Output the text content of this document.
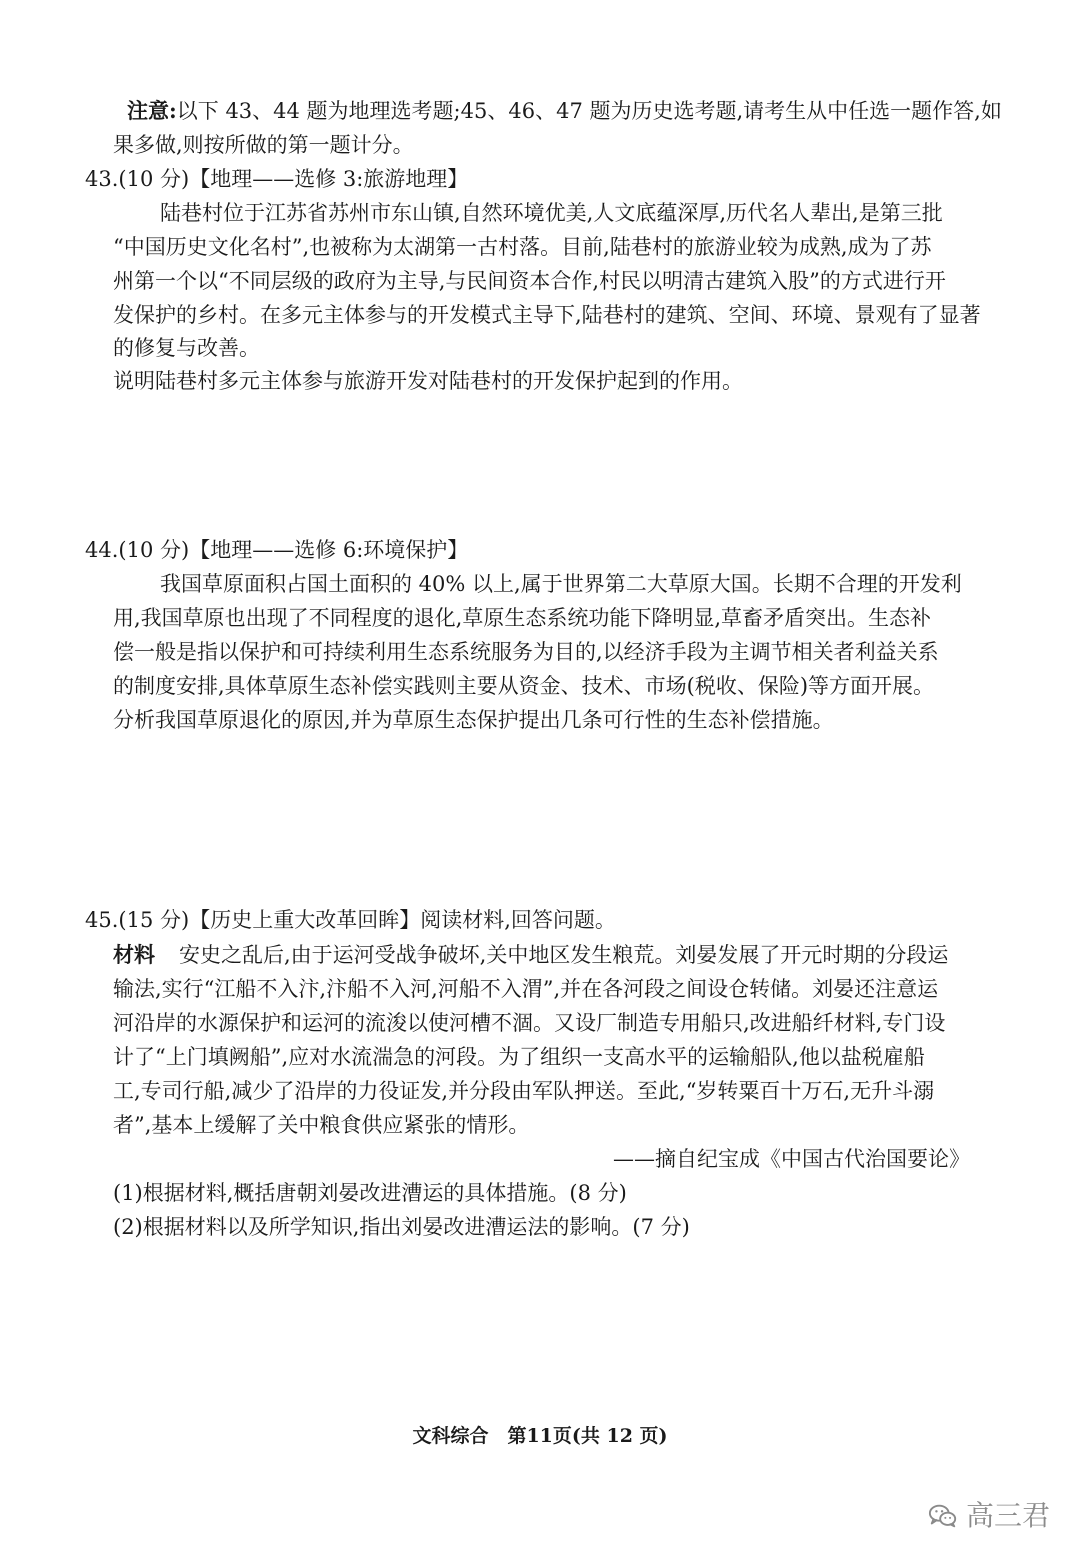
注意:以下 43、44 题为地理选考题;45、46、47 题为历史选考题,请考生从中任选一题作答,如
果多做,则按所做的第一题计分。
43.(10 分)【地理——选修 3:旅游地理】
陆巷村位于江苏省苏州市东山镇,自然环境优美,人文底蕴深厚,历代名人辈出,是第三批
“中国历史文化名村”,也被称为太湖第一古村落。目前,陆巷村的旅游业较为成熟,成为了苏
州第一个以“不同层级的政府为主导,与民间资本合作,村民以明清古建筑入股”的方式进行开
发保护的乡村。在多元主体参与的开发模式主导下,陆巷村的建筑、空间、环境、景观有了显著
的修复与改善。
说明陆巷村多元主体参与旅游开发对陆巷村的开发保护起到的作用。
44.(10 分)【地理——选修 6:环境保护】
我国草原面积占国土面积的 40% 以上,属于世界第二大草原大国。长期不合理的开发利
用,我国草原也出现了不同程度的退化,草原生态系统功能下降明显,草畜矛盾突出。生态补
偿一般是指以保护和可持续利用生态系统服务为目的,以经济手段为主调节相关者利益关系
的制度安排,具体草原生态补偿实践则主要从资金、技术、市场(税收、保险)等方面开展。
分析我国草原退化的原因,并为草原生态保护提出几条可行性的生态补偿措施。
45.(15 分)【历史上重大改革回眸】阅读材料,回答问题。
材料 安史之乱后,由于运河受战争破坏,关中地区发生粮荒。刘晏发展了开元时期的分段运
输法,实行“江船不入汴,汴船不入河,河船不入渭”,并在各河段之间设仓转储。刘晏还注意运
河沿岸的水源保护和运河的流浚以使河槽不涸。又设厂制造专用船只,改进船纤材料,专门设
计了“上门填阙船”,应对水流湍急的河段。为了组织一支高水平的运输船队,他以盐税雇船
工,专司行船,减少了沿岸的力役证发,并分段由军队押送。至此,“岁转粟百十万石,无升斗溺
者”,基本上缓解了关中粮食供应紧张的情形。
——摘自纪宝成《中国古代治国要论》
(1)根据材料,概括唐朝刘晏改进漕运的具体措施。(8 分)
(2)根据材料以及所学知识,指出刘晏改进漕运法的影响。(7 分)
文科综合　第11页(共 12 页)
高三君
